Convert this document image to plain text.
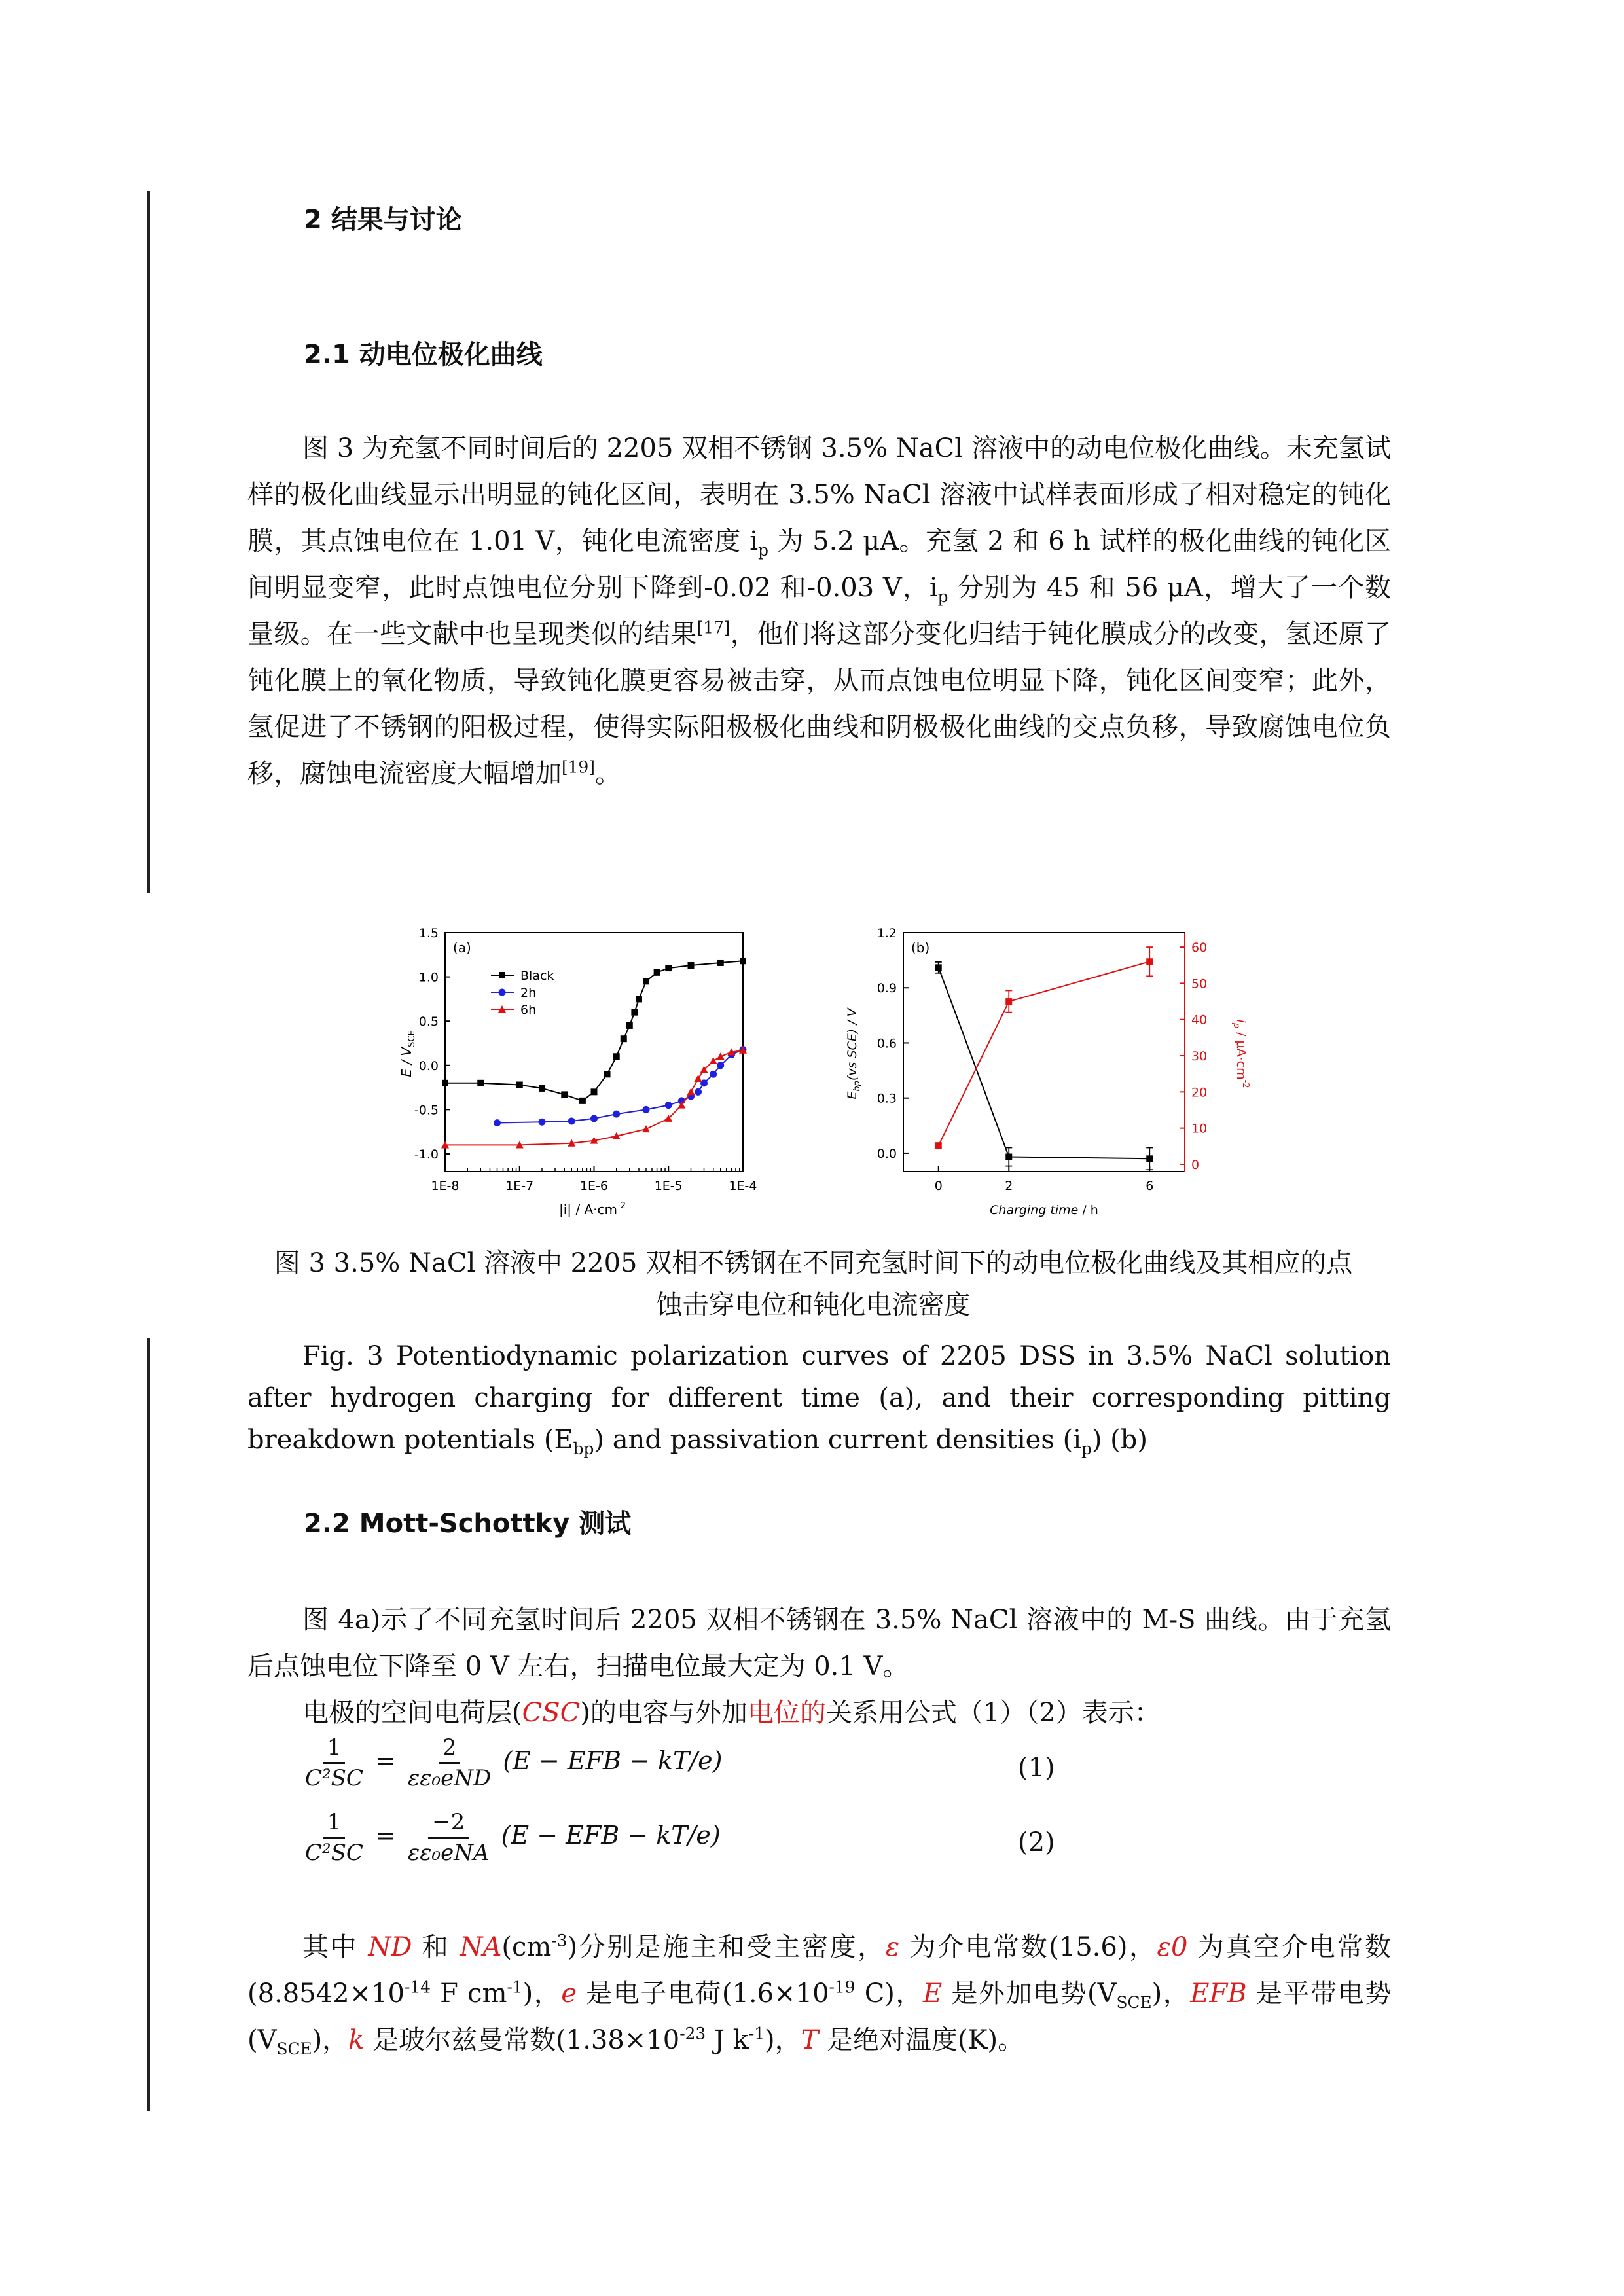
2 结果与讨论
2.1 动电位极化曲线
图 3 为充氢不同时间后的 2205 双相不锈钢 3.5% NaCl 溶液中的动电位极化曲线。未充氢试样的极化曲线显示出明显的钝化区间，表明在 3.5% NaCl 溶液中试样表面形成了相对稳定的钝化膜，其点蚀电位在 1.01 V，钝化电流密度 $i_p$ 为 5.2 μA。充氢 2 和 6 h 试样的极化曲线的钝化区间明显变窄，此时点蚀电位分别下降到-0.02 和-0.03 V，$i_p$ 分别为 45 和 56 μA，增大了一个数量级。在一些文献中也呈现类似的结果[17]，他们将这部分变化归结于钝化膜成分的改变，氢还原了钝化膜上的氧化物质，导致钝化膜更容易被击穿，从而点蚀电位明显下降，钝化区间变窄；此外，氢促进了不锈钢的阳极过程，使得实际阳极极化曲线和阴极极化曲线的交点负移，导致腐蚀电位负移，腐蚀电流密度大幅增加[19]。
(a)
1.5
1.0
0.5
0.0
-0.5
-1.0
1E-8	1E-7	1E-6	1E-5	1E-4
Black
2h
6h
E / $V_{SCE}$
$|i| / A\cdot cm^{-2}$
(b)
1.2
0.9
0.6
0.3
0.0
60
50
40
30
20
10
0
0	2	6
$E_{bp}(vs$ SCE) / V	$i_p / \mu A\cdot cm^{-2}$
Charging time / h
图 3 3.5% NaCl 溶液中 2205 双相不锈钢在不同充氢时间下的动电位极化曲线及其相应的点
蚀击穿电位和钝化电流密度
Fig. 3 Potentiodynamic polarization curves of 2205 DSS in 3.5% NaCl solution after hydrogen charging for different time (a), and their corresponding pitting breakdown potentials $(E_{bp})$ and passivation current densities $(i_p)$ (b)
2.2 Mott-Schottky 测试
图 4a)示了不同充氢时间后 2205 双相不锈钢在 3.5% NaCl 溶液中的 M-S 曲线。由于充氢后点蚀电位下降至 0 V 左右，扫描电位最大定为 0.1 V。
电极的空间电荷层(CSC)的电容与外加电位的关系用公式（1）（2）表示：
$\frac{1}{\text{C²SC}} = \frac{2}{\text{εε₀eND}} (E$ − EFB − kT/e)	(1)
$\frac{1}{\text{C²SC}} = \frac{-2}{\text{εε₀eNA}} (E$ − EFB − kT/e)	(2)
其中 ND 和 $NA(cm^{-3})$分别是施主和受主密度，ε 为介电常数(15.6)，ε0 为真空介电常数($8.8542\times 10^{-14}$ F $cm^{-1}$)，e 是电子电荷($1.6\times 10^{-19}$ C)，E 是外加电势$(V_{SCE})$，EFB 是平带电势$(V_{SCE})$，k 是玻尔兹曼常数($1.38\times 10^{-23}$ J $k^{-1}$)，T 是绝对温度(K)。
